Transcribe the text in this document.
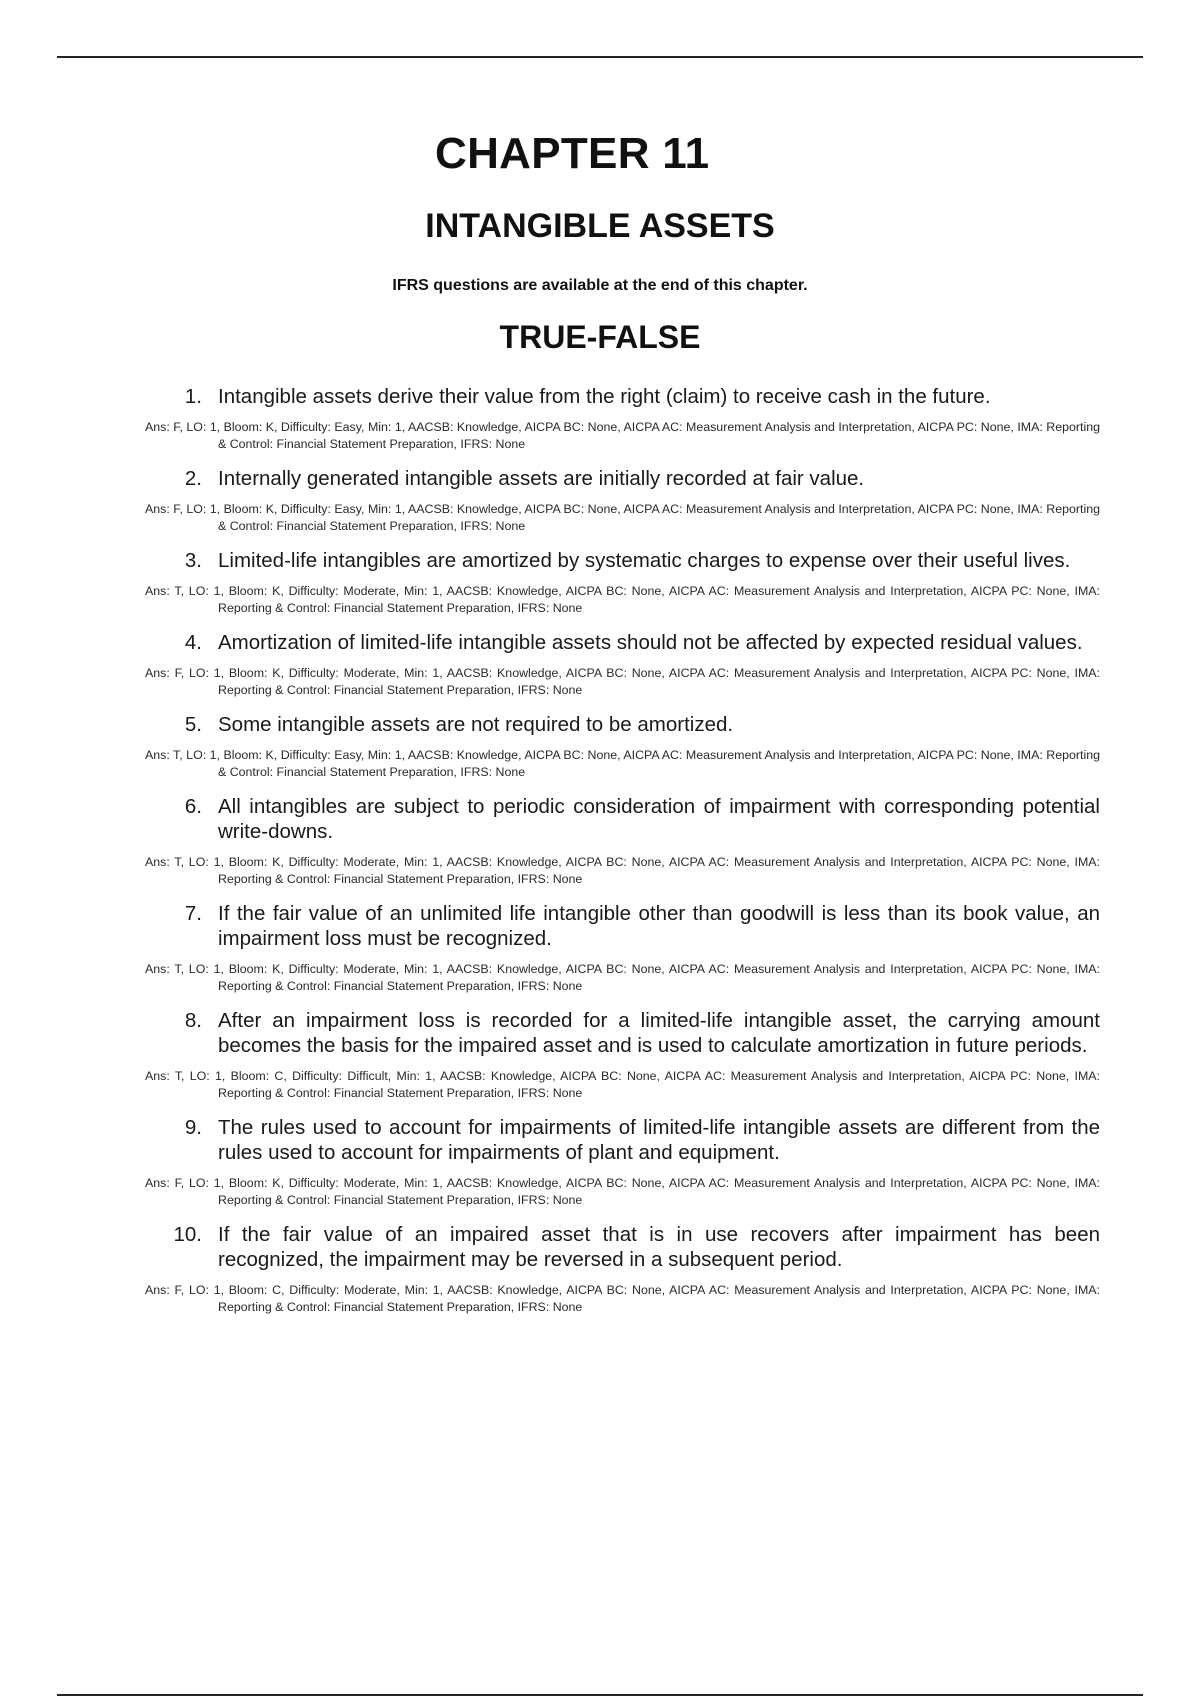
CHAPTER 11
INTANGIBLE ASSETS
IFRS questions are available at the end of this chapter.
TRUE-FALSE
1. Intangible assets derive their value from the right (claim) to receive cash in the future.
Ans: F, LO: 1, Bloom: K, Difficulty: Easy, Min: 1, AACSB: Knowledge, AICPA BC: None, AICPA AC: Measurement Analysis and Interpretation, AICPA PC: None, IMA: Reporting & Control: Financial Statement Preparation, IFRS: None
2. Internally generated intangible assets are initially recorded at fair value.
Ans: F, LO: 1, Bloom: K, Difficulty: Easy, Min: 1, AACSB: Knowledge, AICPA BC: None, AICPA AC: Measurement Analysis and Interpretation, AICPA PC: None, IMA: Reporting & Control: Financial Statement Preparation, IFRS: None
3. Limited-life intangibles are amortized by systematic charges to expense over their useful lives.
Ans: T, LO: 1, Bloom: K, Difficulty: Moderate, Min: 1, AACSB: Knowledge, AICPA BC: None, AICPA AC: Measurement Analysis and Interpretation, AICPA PC: None, IMA: Reporting & Control: Financial Statement Preparation, IFRS: None
4. Amortization of limited-life intangible assets should not be affected by expected residual values.
Ans: F, LO: 1, Bloom: K, Difficulty: Moderate, Min: 1, AACSB: Knowledge, AICPA BC: None, AICPA AC: Measurement Analysis and Interpretation, AICPA PC: None, IMA: Reporting & Control: Financial Statement Preparation, IFRS: None
5. Some intangible assets are not required to be amortized.
Ans: T, LO: 1, Bloom: K, Difficulty: Easy, Min: 1, AACSB: Knowledge, AICPA BC: None, AICPA AC: Measurement Analysis and Interpretation, AICPA PC: None, IMA: Reporting & Control: Financial Statement Preparation, IFRS: None
6. All intangibles are subject to periodic consideration of impairment with corresponding potential write-downs.
Ans: T, LO: 1, Bloom: K, Difficulty: Moderate, Min: 1, AACSB: Knowledge, AICPA BC: None, AICPA AC: Measurement Analysis and Interpretation, AICPA PC: None, IMA: Reporting & Control: Financial Statement Preparation, IFRS: None
7. If the fair value of an unlimited life intangible other than goodwill is less than its book value, an impairment loss must be recognized.
Ans: T, LO: 1, Bloom: K, Difficulty: Moderate, Min: 1, AACSB: Knowledge, AICPA BC: None, AICPA AC: Measurement Analysis and Interpretation, AICPA PC: None, IMA: Reporting & Control: Financial Statement Preparation, IFRS: None
8. After an impairment loss is recorded for a limited-life intangible asset, the carrying amount becomes the basis for the impaired asset and is used to calculate amortization in future periods.
Ans: T, LO: 1, Bloom: C, Difficulty: Difficult, Min: 1, AACSB: Knowledge, AICPA BC: None, AICPA AC: Measurement Analysis and Interpretation, AICPA PC: None, IMA: Reporting & Control: Financial Statement Preparation, IFRS: None
9. The rules used to account for impairments of limited-life intangible assets are different from the rules used to account for impairments of plant and equipment.
Ans: F, LO: 1, Bloom: K, Difficulty: Moderate, Min: 1, AACSB: Knowledge, AICPA BC: None, AICPA AC: Measurement Analysis and Interpretation, AICPA PC: None, IMA: Reporting & Control: Financial Statement Preparation, IFRS: None
10. If the fair value of an impaired asset that is in use recovers after impairment has been recognized, the impairment may be reversed in a subsequent period.
Ans: F, LO: 1, Bloom: C, Difficulty: Moderate, Min: 1, AACSB: Knowledge, AICPA BC: None, AICPA AC: Measurement Analysis and Interpretation, AICPA PC: None, IMA: Reporting & Control: Financial Statement Preparation, IFRS: None
